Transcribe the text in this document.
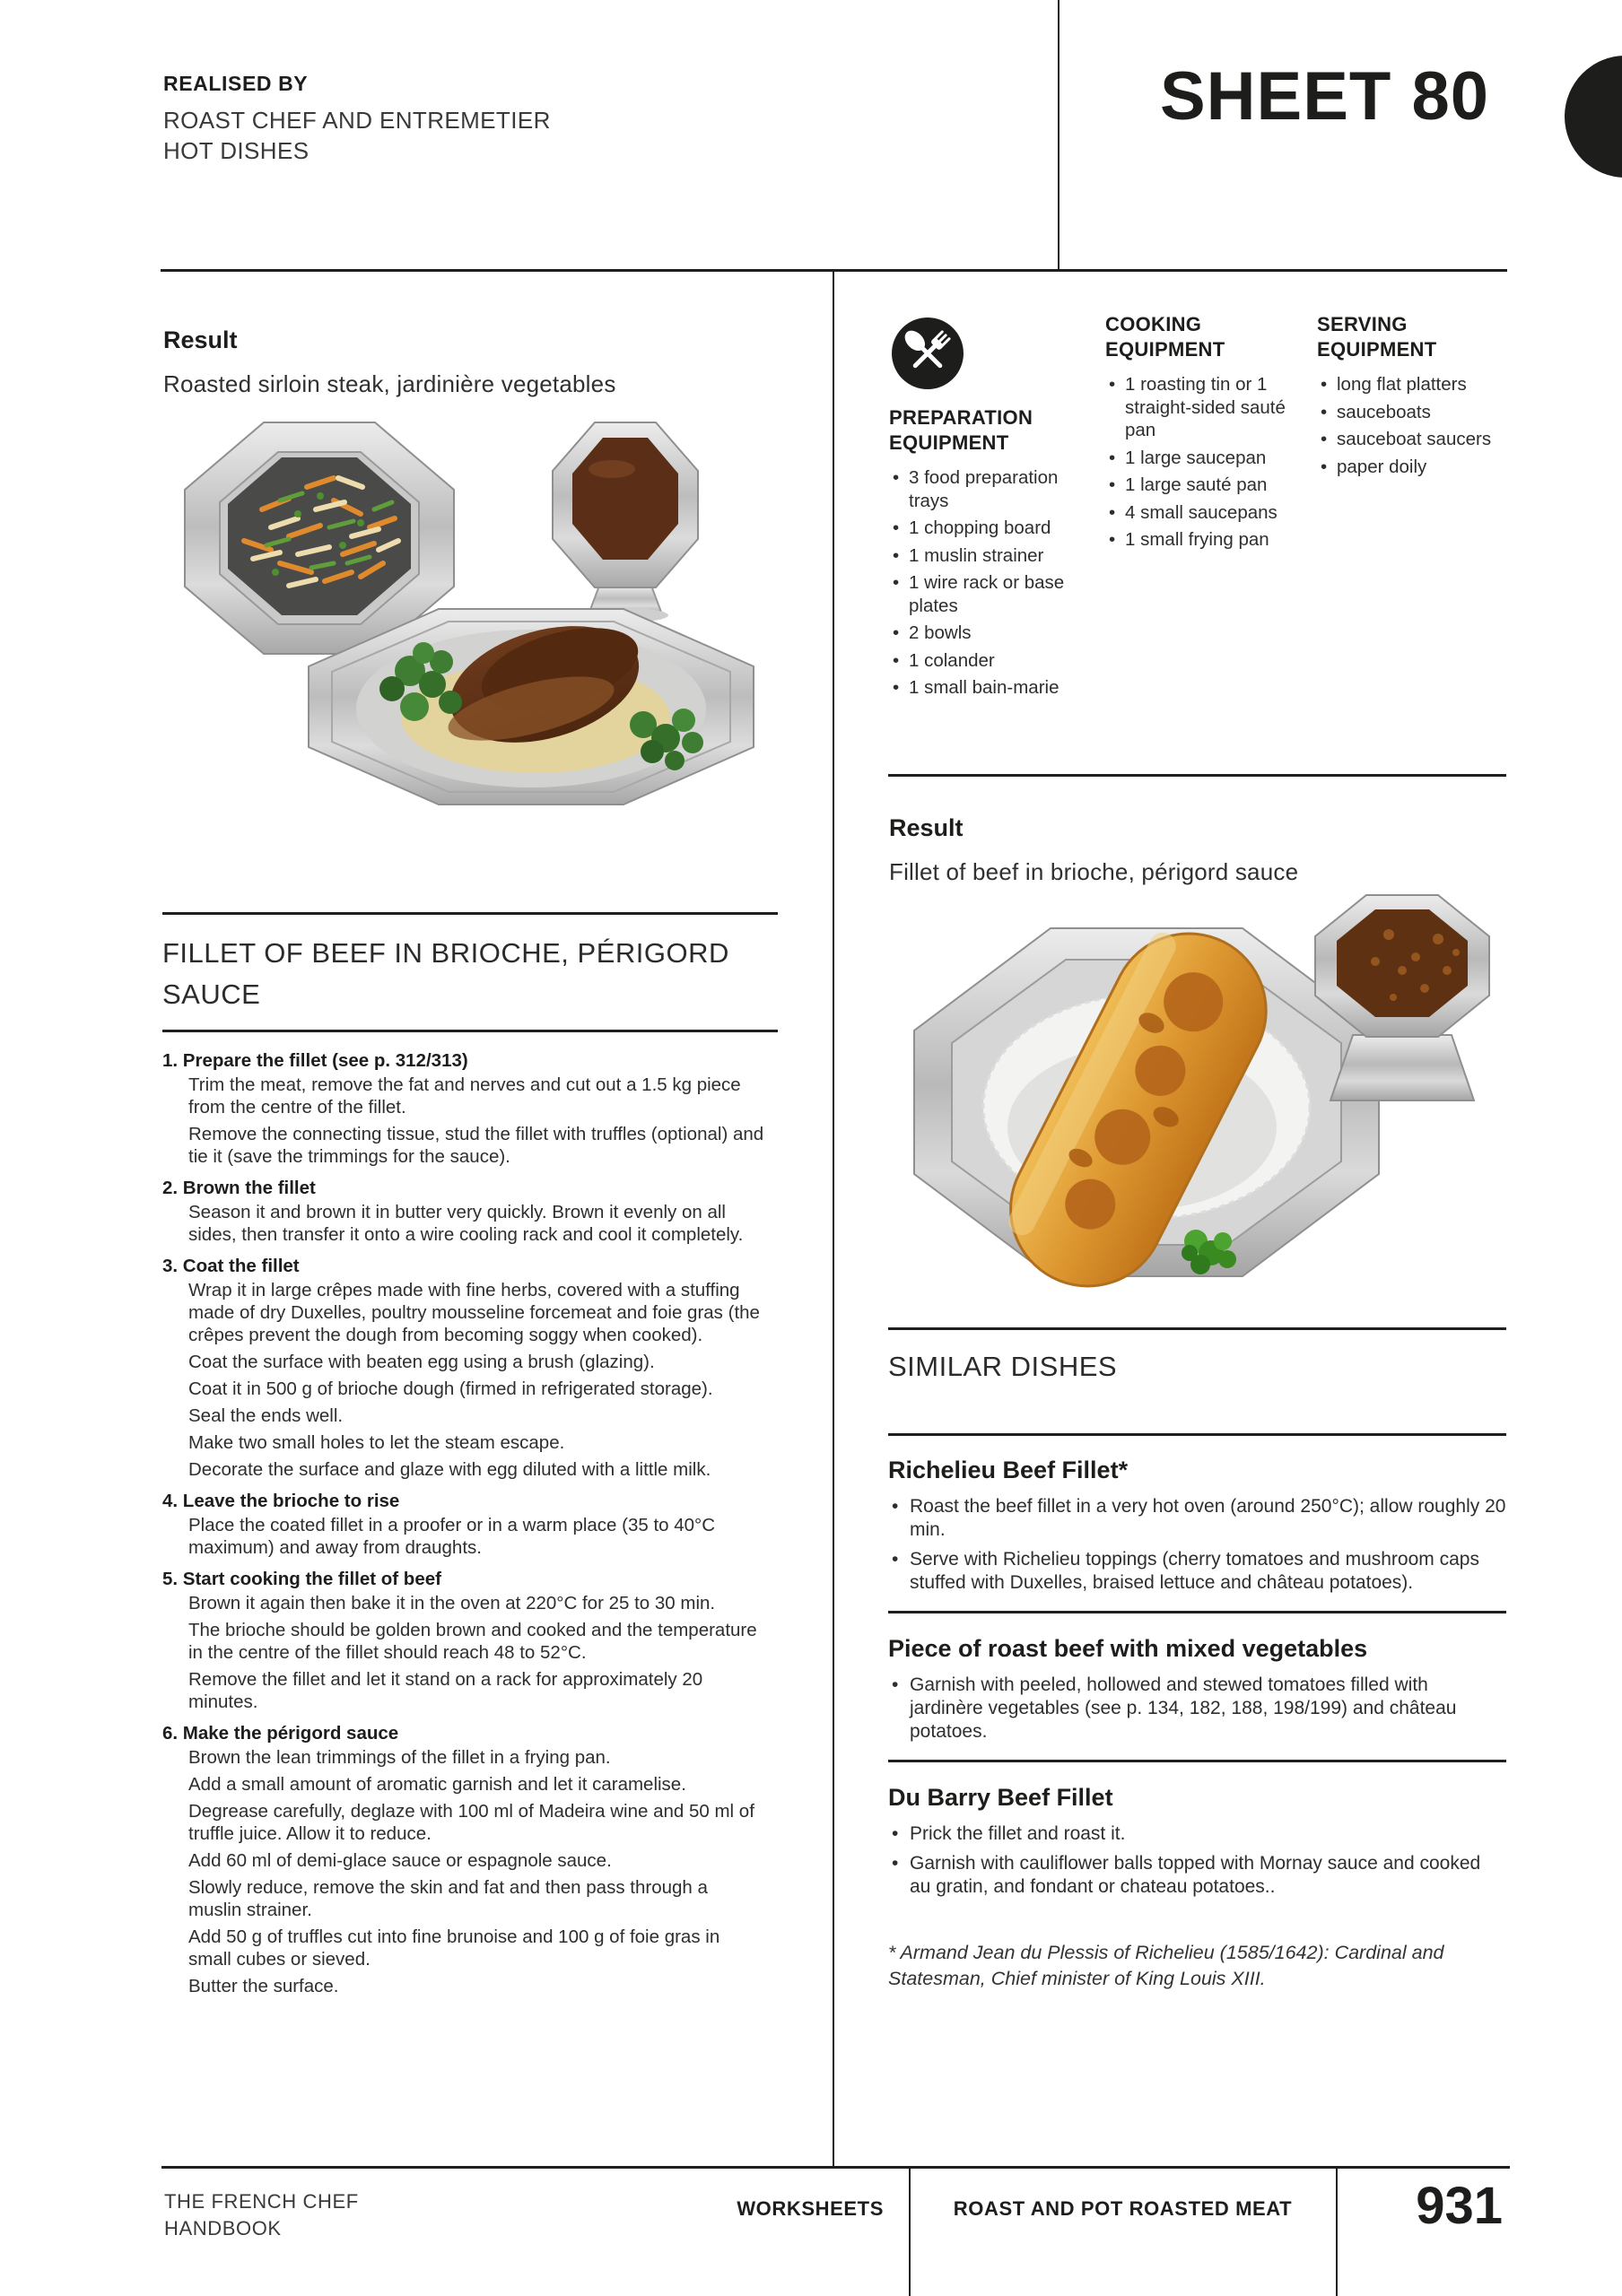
REALISED BY
ROAST CHEF AND ENTREMETIER
HOT DISHES
SHEET 80
Result
Roasted sirloin steak, jardinière vegetables
FILLET OF BEEF IN BRIOCHE, PÉRIGORD SAUCE
1. Prepare the fillet (see p. 312/313)

Trim the meat, remove the fat and nerves and cut out a 1.5 kg piece from the centre of the fillet.

Remove the connecting tissue, stud the fillet with truffles (optional) and tie it (save the trimmings for the sauce).

2. Brown the fillet

Season it and brown it in butter very quickly. Brown it evenly on all sides, then transfer it onto a wire cooling rack and cool it completely.

3. Coat the fillet

Wrap it in large crêpes made with fine herbs, covered with a stuffing made of dry Duxelles, poultry mousseline forcemeat and foie gras (the crêpes prevent the dough from becoming soggy when cooked).

Coat the surface with beaten egg using a brush (glazing).

Coat it in 500 g of brioche dough (firmed in refrigerated storage).

Seal the ends well.

Make two small holes to let the steam escape.

Decorate the surface and glaze with egg diluted with a little milk.

4. Leave the brioche to rise

Place the coated fillet in a proofer or in a warm place (35 to 40°C maximum) and away from draughts.

5. Start cooking the fillet of beef

Brown it again then bake it in the oven at 220°C for 25 to 30 min.

The brioche should be golden brown and cooked and the temperature in the centre of the fillet should reach 48 to 52°C.

Remove the fillet and let it stand on a rack for approximately 20 minutes.

6. Make the périgord sauce

Brown the lean trimmings of the fillet in a frying pan.

Add a small amount of aromatic garnish and let it caramelise.

Degrease carefully, deglaze with 100 ml of Madeira wine and 50 ml of truffle juice. Allow it to reduce.

Add 60 ml of demi-glace sauce or espagnole sauce.

Slowly reduce, remove the skin and fat and then pass through a muslin strainer.

Add 50 g of truffles cut into fine brunoise and 100 g of foie gras in small cubes or sieved.

Butter the surface.

PREPARATION EQUIPMENT
• 3 food preparation trays
• 1 chopping board
• 1 muslin strainer
• 1 wire rack or base plates
• 2 bowls
• 1 colander
• 1 small bain-marie
COOKING EQUIPMENT
• 1 roasting tin or 1 straight-sided sauté pan
• 1 large saucepan
• 1 large sauté pan
• 4 small saucepans
• 1 small frying pan
SERVING EQUIPMENT
• long flat platters
• sauceboats
• sauceboat saucers
• paper doily
Result
Fillet of beef in brioche, périgord sauce
SIMILAR DISHES
Richelieu Beef Fillet*
• Roast the beef fillet in a very hot oven (around 250°C); allow roughly 20 min.
• Serve with Richelieu toppings (cherry tomatoes and mushroom caps stuffed with Duxelles, braised lettuce and château potatoes).
Piece of roast beef with mixed vegetables
• Garnish with peeled, hollowed and stewed tomatoes filled with jardinère vegetables (see p. 134, 182, 188, 198/199) and château potatoes.
Du Barry Beef Fillet
• Prick the fillet and roast it.
• Garnish with cauliflower balls topped with Mornay sauce and cooked au gratin, and fondant or chateau potatoes..
* Armand Jean du Plessis of Richelieu (1585/1642): Cardinal and Statesman, Chief minister of King Louis XIII.
THE FRENCH CHEF
HANDBOOK
WORKSHEETS	ROAST AND POT ROASTED MEAT	931
